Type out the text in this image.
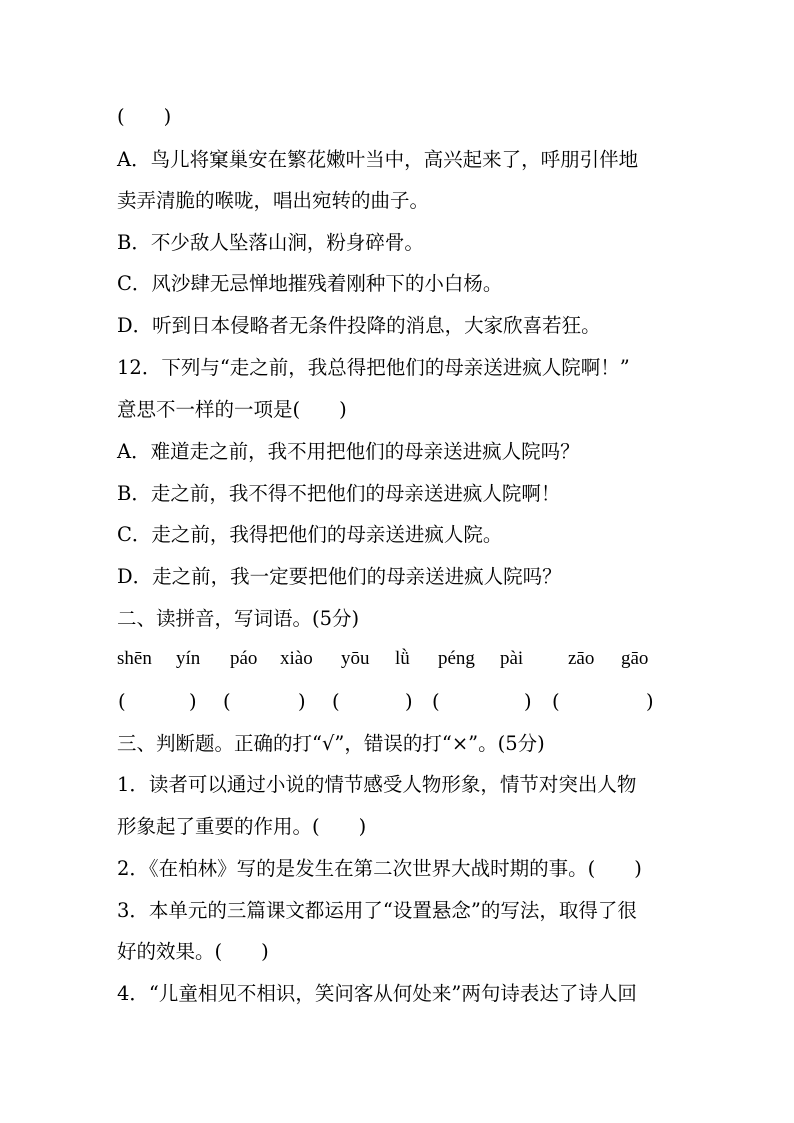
(　　)
A．鸟儿将窠巢安在繁花嫩叶当中，高兴起来了，呼朋引伴地
卖弄清脆的喉咙，唱出宛转的曲子。
B．不少敌人坠落山涧，粉身碎骨。
C．风沙肆无忌惮地摧残着刚种下的小白杨。
D．听到日本侵略者无条件投降的消息，大家欣喜若狂。
12．下列与“走之前，我总得把他们的母亲送进疯人院啊！”
意思不一样的一项是(　　)
A．难道走之前，我不用把他们的母亲送进疯人院吗？
B．走之前，我不得不把他们的母亲送进疯人院啊！
C．走之前，我得把他们的母亲送进疯人院。
D．走之前，我一定要把他们的母亲送进疯人院吗？
二、读拼音，写词语。(5分)
shēn yín páo xiào yōu lǜ péng pài zāo gāo
(	) (	) (	) (	) (	)
三、判断题。正确的打“√”，错误的打“×”。(5分)
1．读者可以通过小说的情节感受人物形象，情节对突出人物
形象起了重要的作用。(　　)
2．《在柏林》写的是发生在第二次世界大战时期的事。(　　)
3．本单元的三篇课文都运用了“设置悬念”的写法，取得了很
好的效果。(　　)
4．“儿童相见不相识，笑问客从何处来”两句诗表达了诗人回
